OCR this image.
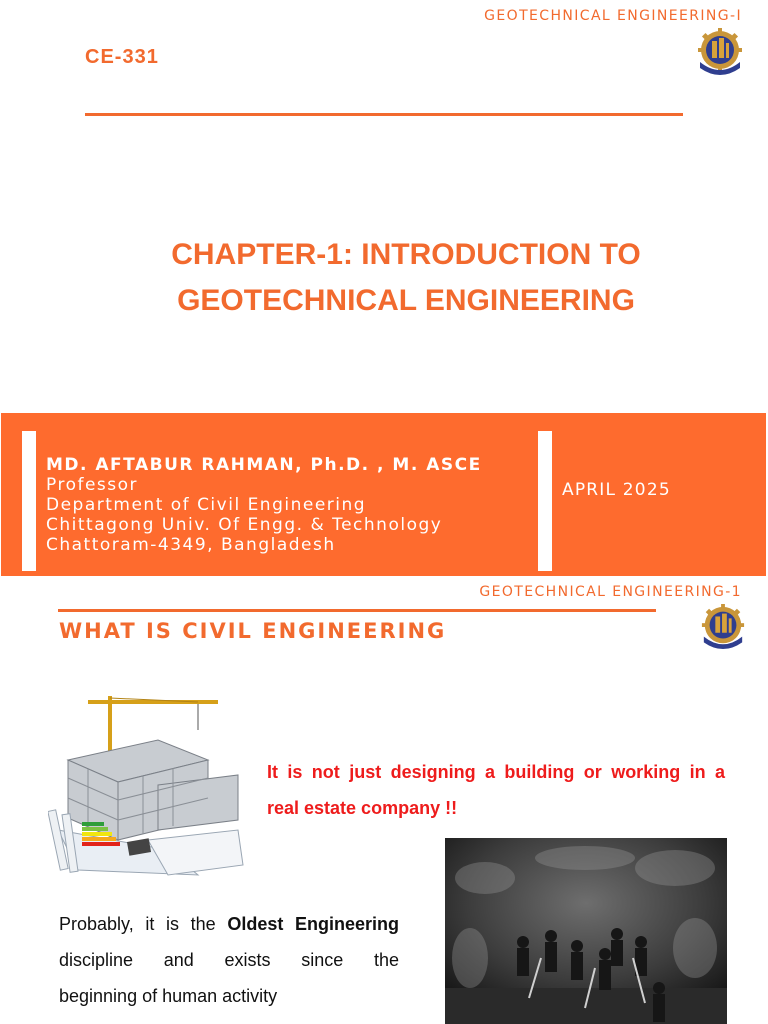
GEOTECHNICAL ENGINEERING-I
CE-331
CHAPTER-1: INTRODUCTION TO
GEOTECHNICAL ENGINEERING
MD. AFTABUR RAHMAN, Ph.D. , M. ASCE
Professor
Department of Civil Engineering
Chittagong Univ. Of Engg. & Technology
Chattoram-4349, Bangladesh
APRIL 2025
GEOTECHNICAL ENGINEERING-1
WHAT IS CIVIL ENGINEERING
It is not just designing a building or working in a
real estate company !!
Probably, it is the Oldest Engineering
discipline and exists since the
beginning of human activity
